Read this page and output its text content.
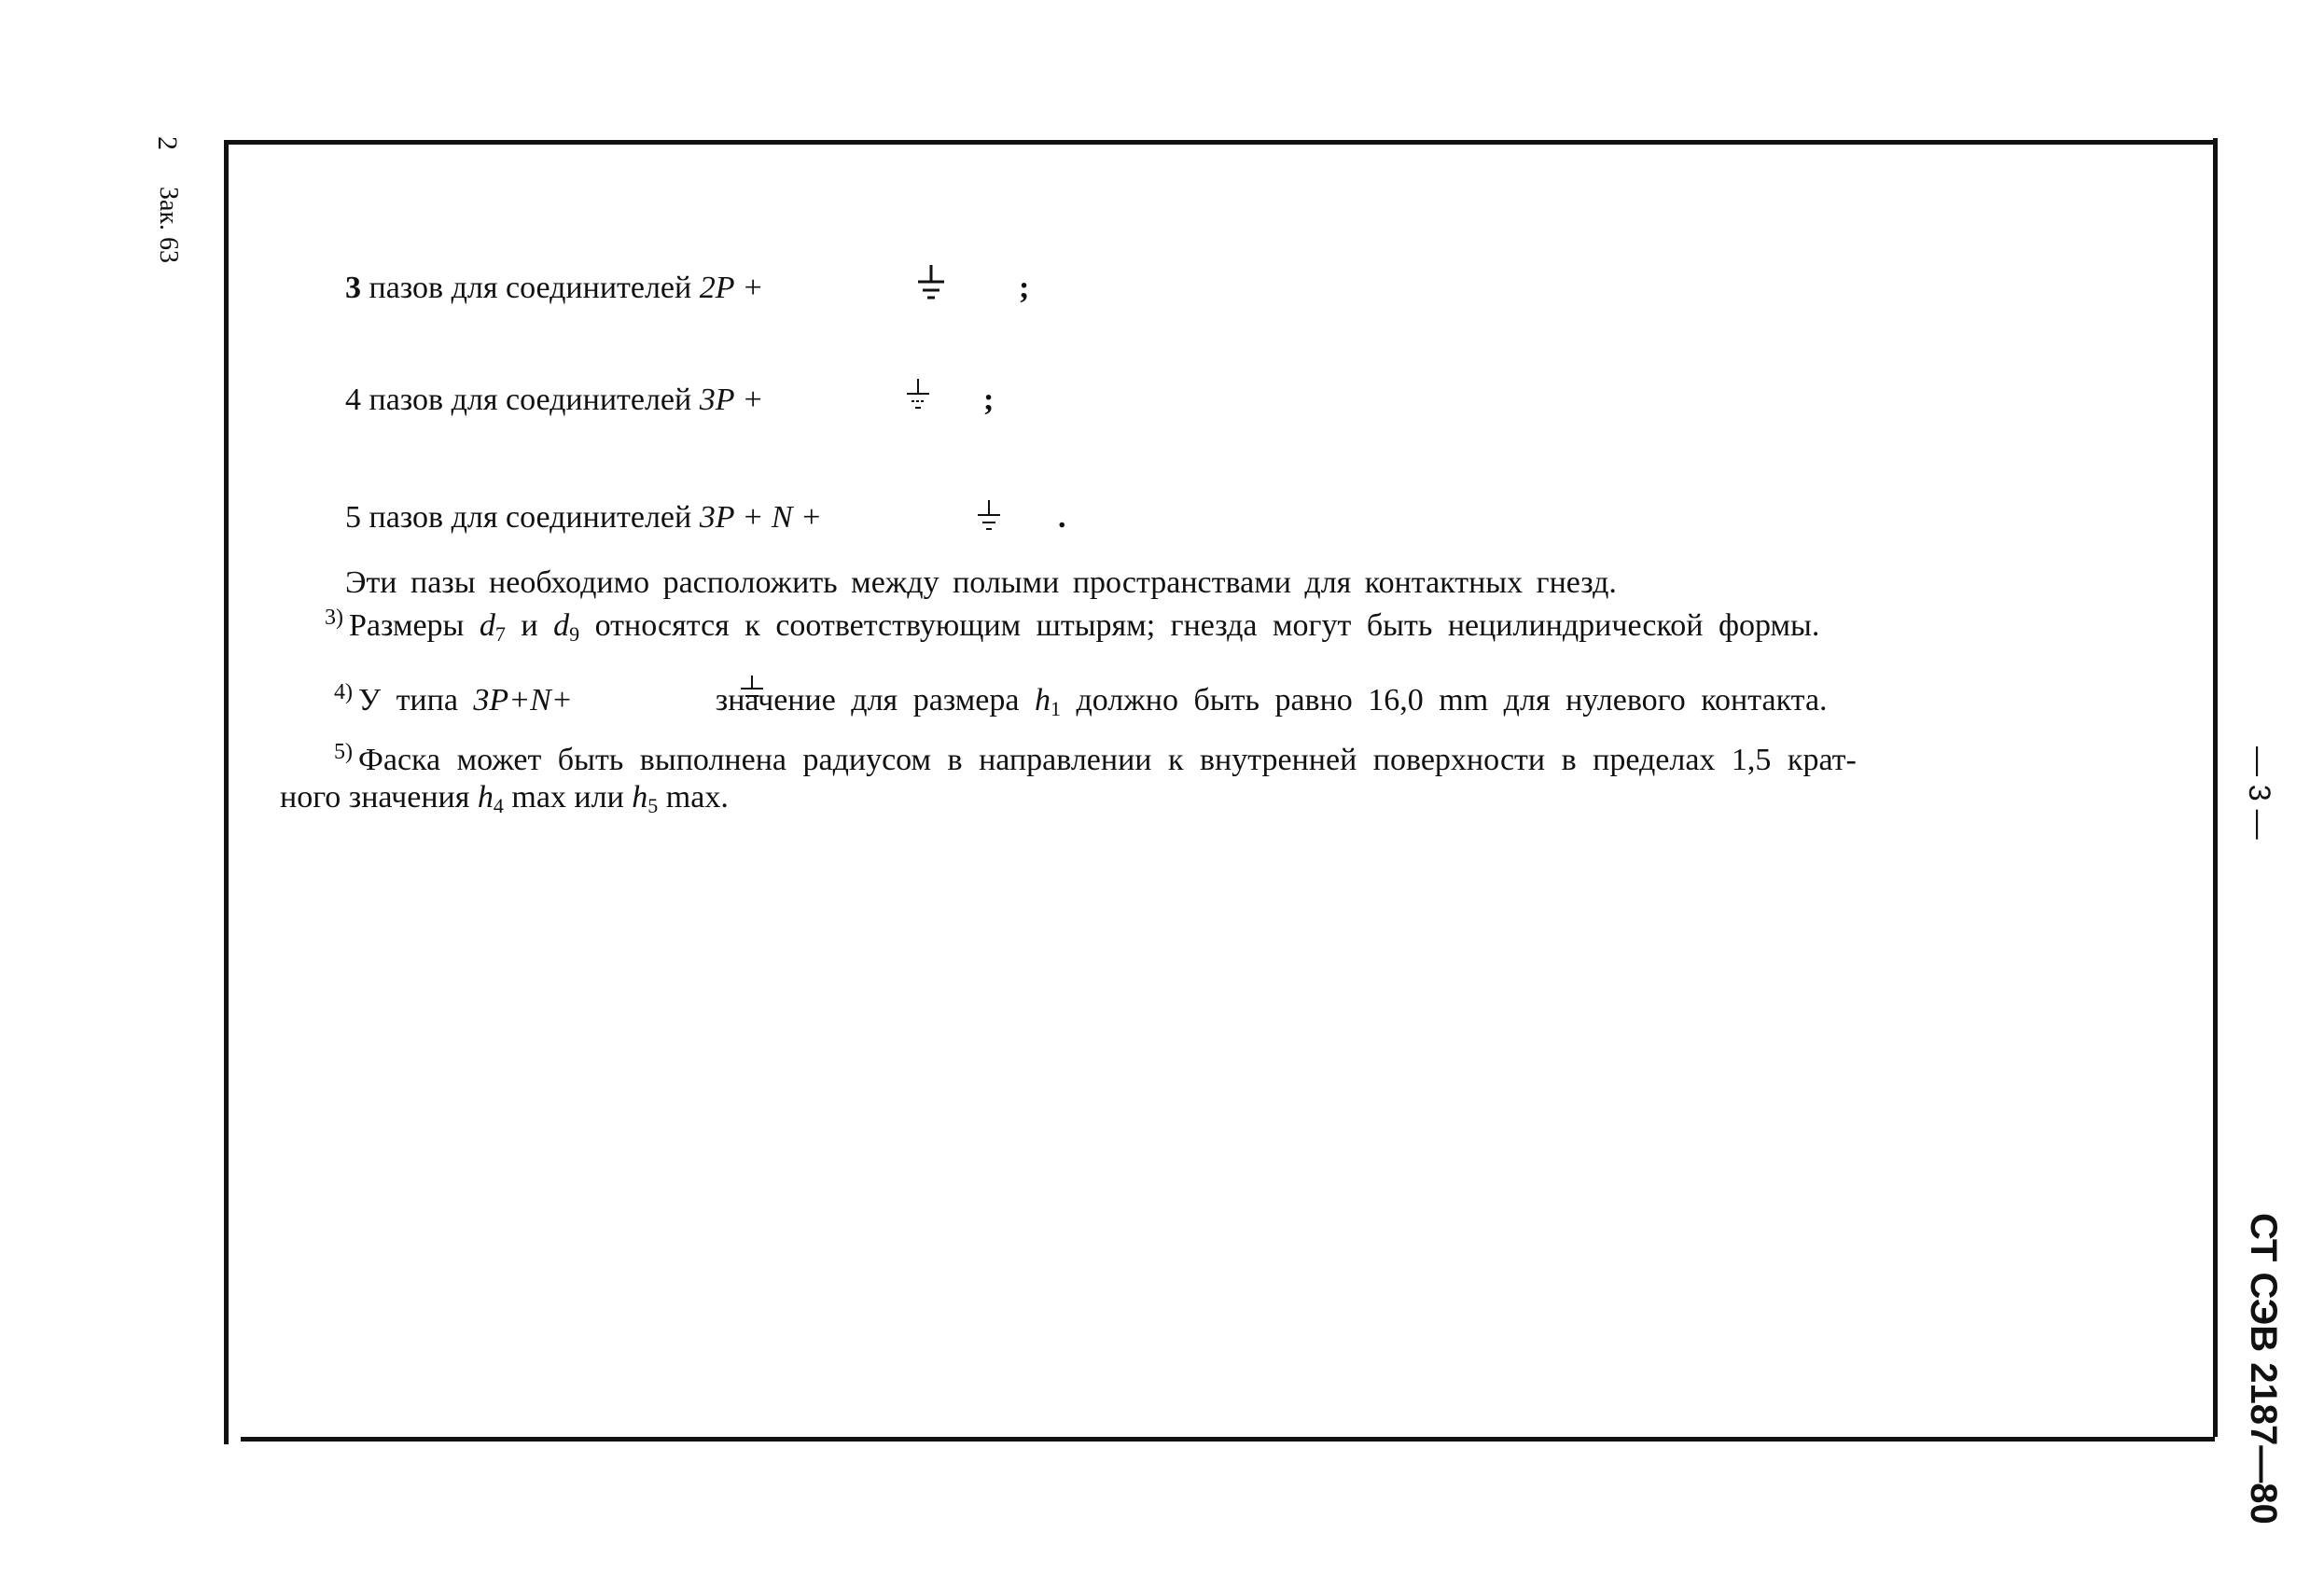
2
Зак. 63
— 3 —
СТ СЭВ 2187—80
3 пазов для соединителей 2P +	;
4 пазов для соединителей 3P +	;
5 пазов для соединителей 3P + N +	.
Эти пазы необходимо расположить между полыми пространствами для контактных гнезд.
$^{3)}$ Размеры $d_7$ и $d_9$ относятся к соответствующим штырям; гнезда могут быть нецилиндрической формы.
$^{4)}$ У типа 3P+N+	значение для размера $h_1$ должно быть равно 16,0 mm для нулевого контакта.
$^{5)}$ Фаска может быть выполнена радиусом в направлении к внутренней поверхности в пределах 1,5 крат-
ного значения $h_4$ max или $h_5$ max.
